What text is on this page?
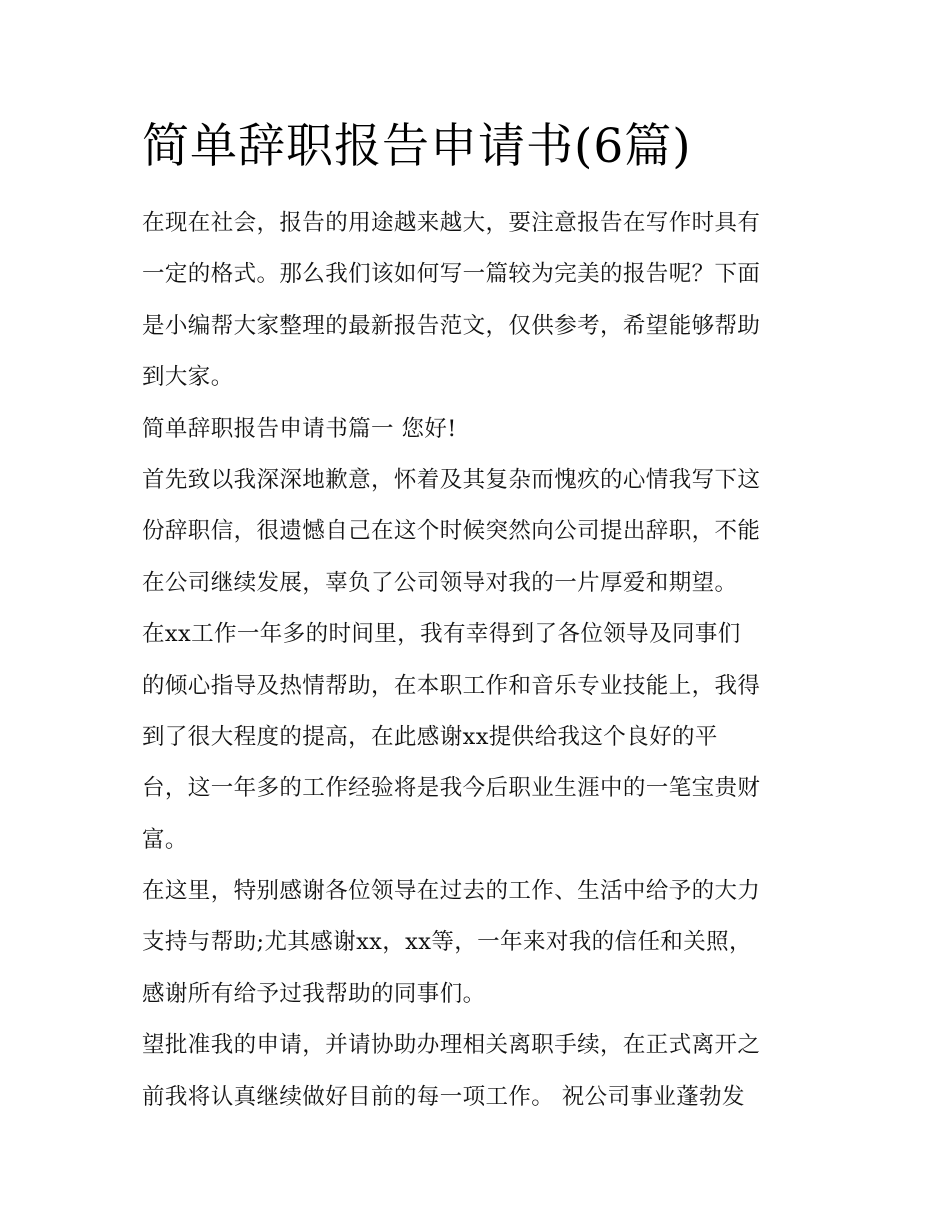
简单辞职报告申请书(6篇)
在现在社会，报告的用途越来越大，要注意报告在写作时具有
一定的格式。那么我们该如何写一篇较为完美的报告呢？下面
是小编帮大家整理的最新报告范文，仅供参考，希望能够帮助
到大家。
简单辞职报告申请书篇一 您好!
首先致以我深深地歉意，怀着及其复杂而愧疚的心情我写下这
份辞职信，很遗憾自己在这个时候突然向公司提出辞职，不能
在公司继续发展，辜负了公司领导对我的一片厚爱和期望。
在xx工作一年多的时间里，我有幸得到了各位领导及同事们
的倾心指导及热情帮助，在本职工作和音乐专业技能上，我得
到了很大程度的提高，在此感谢xx提供给我这个良好的平
台，这一年多的工作经验将是我今后职业生涯中的一笔宝贵财
富。
在这里，特别感谢各位领导在过去的工作、生活中给予的大力
支持与帮助;尤其感谢xx，xx等，一年来对我的信任和关照，
感谢所有给予过我帮助的同事们。
望批准我的申请，并请协助办理相关离职手续，在正式离开之
前我将认真继续做好目前的每一项工作。 祝公司事业蓬勃发
